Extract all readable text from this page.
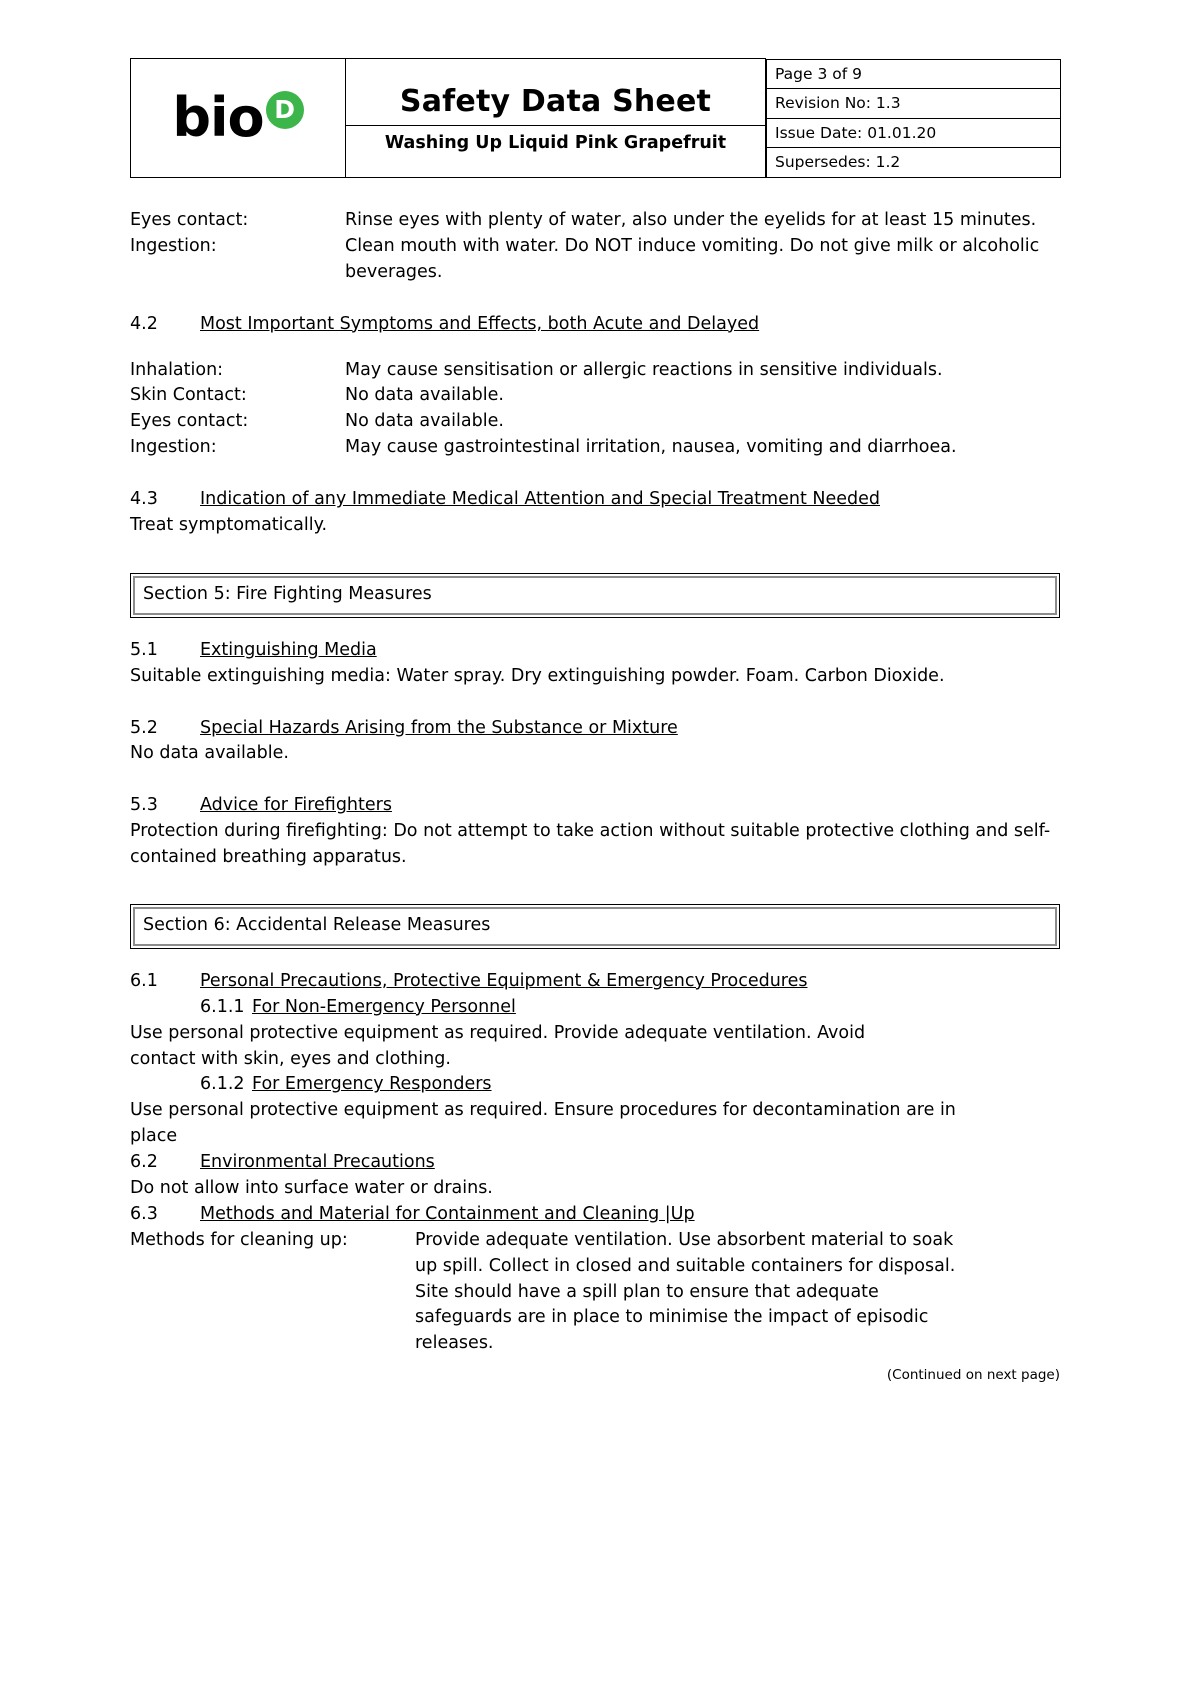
bio D	Safety Data Sheet
Washing Up Liquid Pink Grapefruit

Page 3 of 9
Revision No: 1.3
Issue Date: 01.01.20
Supersedes: 1.2
Eyes contact:	Rinse eyes with plenty of water, also under the eyelids for at least 15 minutes.
Ingestion:	Clean mouth with water. Do NOT induce vomiting. Do not give milk or alcoholic beverages.
4.2	Most Important Symptoms and Effects, both Acute and Delayed
Inhalation:	May cause sensitisation or allergic reactions in sensitive individuals.
Skin Contact:	No data available.
Eyes contact:	No data available.
Ingestion:	May cause gastrointestinal irritation, nausea, vomiting and diarrhoea.
4.3	Indication of any Immediate Medical Attention and Special Treatment Needed
Treat symptomatically.
Section 5: Fire Fighting Measures
5.1	Extinguishing Media
Suitable extinguishing media: Water spray. Dry extinguishing powder. Foam. Carbon Dioxide.
5.2	Special Hazards Arising from the Substance or Mixture
No data available.
5.3	Advice for Firefighters
Protection during firefighting: Do not attempt to take action without suitable protective clothing and self-contained breathing apparatus.
Section 6: Accidental Release Measures
6.1	Personal Precautions, Protective Equipment & Emergency Procedures
6.1.1 For Non-Emergency Personnel
Use personal protective equipment as required. Provide adequate ventilation. Avoid contact with skin, eyes and clothing.
6.1.2 For Emergency Responders
Use personal protective equipment as required. Ensure procedures for decontamination are in place
6.2	Environmental Precautions
Do not allow into surface water or drains.
6.3	Methods and Material for Containment and Cleaning |Up
Methods for cleaning up:	Provide adequate ventilation. Use absorbent material to soak up spill. Collect in closed and suitable containers for disposal. Site should have a spill plan to ensure that adequate safeguards are in place to minimise the impact of episodic releases.
(Continued on next page)
